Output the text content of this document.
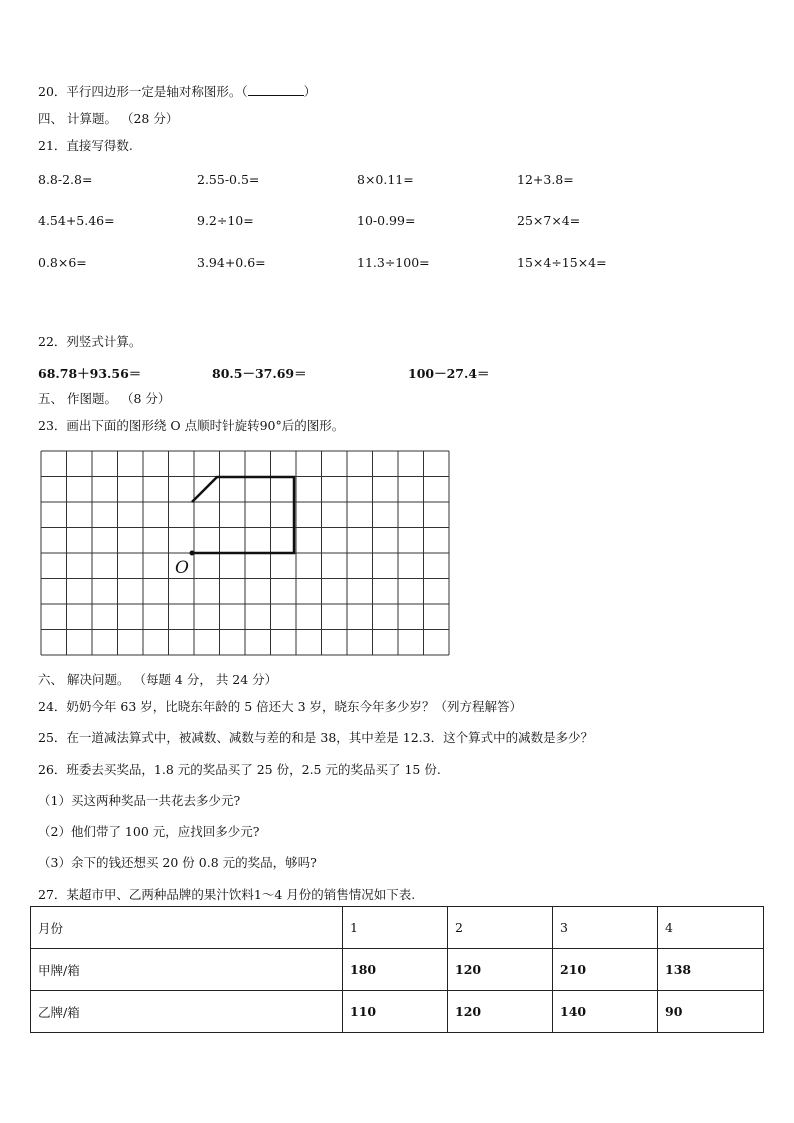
20．平行四边形一定是轴对称图形。（	）
四、 计算题。 （28 分）
21．直接写得数.
8.8-2.8=	2.55-0.5=	8×0.11=	12+3.8=
4.54+5.46=	9.2÷10=	10-0.99=	25×7×4=
0.8×6=	3.94+0.6=	11.3÷100=	15×4÷15×4=
22．列竖式计算。
68.78＋93.56＝	80.5－37.69＝	100－27.4＝
五、 作图题。 （8 分）
23．画出下面的图形绕 O 点顺时针旋转90°后的图形。
O
六、 解决问题。 （每题 4 分， 共 24 分）
24．奶奶今年 63 岁，比晓东年龄的 5 倍还大 3 岁，晓东今年多少岁？（列方程解答）
25．在一道减法算式中，被减数、减数与差的和是 38，其中差是 12.3．这个算式中的减数是多少？
26．班委去买奖品，1.8 元的奖品买了 25 份，2.5 元的奖品买了 15 份.
（1）买这两种奖品一共花去多少元?
（2）他们带了 100 元，应找回多少元?
（3）余下的钱还想买 20 份 0.8 元的奖品，够吗?
27．某超市甲、乙两种品牌的果汁饮料1～4 月份的销售情况如下表.
月份	1	2	3	4
甲牌/箱	180	120	210	138
乙牌/箱	110	120	140	90
